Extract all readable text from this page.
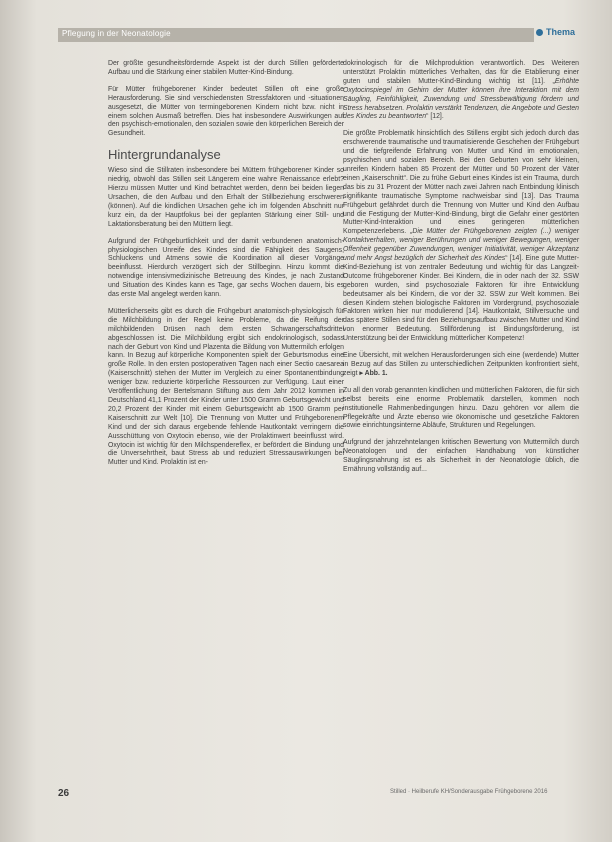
Pflegung in der Neonatologie	Thema

Der größte gesundheitsfördernde Aspekt ist der durch Stillen geförderte Aufbau und die Stärkung einer stabilen Mutter-Kind-Bindung.

Für Mütter frühgeborener Kinder bedeutet Stillen oft eine große Herausforderung. Sie sind verschiedensten Stressfaktoren und -situationen ausgesetzt, die Mütter von termingeborenen Kindern nicht bzw. nicht in einem solchen Ausmaß betreffen. Dies hat insbesondere Auswirkungen auf den psychisch-emotionalen, den sozialen sowie den körperlichen Bereich der Gesundheit.

Hintergrundanalyse

Wieso sind die Stillraten insbesondere bei Müttern frühgeborener Kinder so niedrig, obwohl das Stillen seit Längerem eine wahre Renaissance erlebt? Hierzu müssen Mutter und Kind betrachtet werden, denn bei beiden liegen Ursachen, die den Aufbau und den Erhalt der Stillbeziehung erschweren (können). Auf die kindlichen Ursachen gehe ich im folgenden Abschnitt nur kurz ein, da der Hauptfokus bei der geplanten Stärkung einer Still- und Laktationsberatung bei den Müttern liegt.

Aufgrund der Frühgeburtlichkeit und der damit verbundenen anatomisch-physiologischen Unreife des Kindes sind die Fähigkeit des Saugens, Schluckens und Atmens sowie die Koordination all dieser Vorgänge beeinflusst. Hierdurch verzögert sich der Stillbeginn. Hinzu kommt die notwendige intensivmedizinische Betreuung des Kindes, je nach Zustand und Situation des Kindes kann es Tage, gar sechs Wochen dauern, bis es das erste Mal angelegt werden kann.

Mütterlicherseits gibt es durch die Frühgeburt anatomisch-physiologisch für die Milchbildung in der Regel keine Probleme, da die Reifung der milchbildenden Drüsen nach dem ersten Schwangerschaftsdrittel abgeschlossen ist. Die Milchbildung ergibt sich endokrinologisch, sodass nach der Geburt von Kind und Plazenta die Bildung von Muttermilch erfolgen kann. In Bezug auf körperliche Komponenten spielt der Geburtsmodus eine große Rolle. In den ersten postoperativen Tagen nach einer Sectio caesarea (Kaiserschnitt) stehen der Mutter im Vergleich zu einer Spontanentbindung weniger bzw. reduzierte körperliche Ressourcen zur Verfügung. Laut einer Veröffentlichung der Bertelsmann Stiftung aus dem Jahr 2012 kommen in Deutschland 41,1 Prozent der Kinder unter 1500 Gramm Geburtsgewicht und 20,2 Prozent der Kinder mit einem Geburtsgewicht ab 1500 Gramm per Kaiserschnitt zur Welt [10]. Die Trennung von Mutter und Frühgeborenem Kind und der sich daraus ergebende fehlende Hautkontakt verringern die Ausschüttung von Oxytocin ebenso, wie der Prolaktinwert beeinflusst wird. Oxytocin ist wichtig für den Milchspendereflex, er befördert die Bindung und die Unversehrtheit, baut Stress ab und reduziert Stressauswirkungen bei Mutter und Kind. Prolaktin ist en-

dokrinologisch für die Milchproduktion verantwortlich. Des Weiteren unterstützt Prolaktin mütterliches Verhalten, das für die Etablierung einer guten und stabilen Mutter-Kind-Bindung wichtig ist [11]. „Erhöhte Oxytocinspiegel im Gehirn der Mutter können ihre Interaktion mit dem Säugling, Feinfühligkeit, Zuwendung und Stressbewältigung fördern und Stress herabsetzen. Prolaktin verstärkt Tendenzen, die Angebote und Gesten des Kindes zu beantworten“ [12].

Die größte Problematik hinsichtlich des Stillens ergibt sich jedoch durch das erschwerende traumatische und traumatisierende Geschehen der Frühgeburt und die tiefgreifende Erfahrung von Mutter und Kind im emotionalen, psychischen und sozialen Bereich. Bei den Geburten von sehr kleinen, unreifen Kindern haben 85 Prozent der Mütter und 50 Prozent der Väter einen „Kaiserschnitt“. Die zu frühe Geburt eines Kindes ist ein Trauma, durch das bis zu 31 Prozent der Mütter nach zwei Jahren nach Entbindung klinisch signifikante traumatische Symptome nachweisbar sind [13]. Das Trauma Frühgeburt gefährdet durch die Trennung von Mutter und Kind den Aufbau und die Festigung der Mutter-Kind-Bindung, birgt die Gefahr einer gestörten Mutter-Kind-Interaktion und eines geringeren mütterlichen Kompetenzerlebens. „Die Mütter der Frühgeborenen zeigten (...) weniger Kontaktverhalten, weniger Berührungen und weniger Bewegungen, weniger Offenheit gegenüber Zuwendungen, weniger Initiativität, weniger Akzeptanz und mehr Angst bezüglich der Sicherheit des Kindes“ [14]. Eine gute Mutter-Kind-Beziehung ist von zentraler Bedeutung und wichtig für das Langzeit-Outcome frühgeborener Kinder. Bei Kindern, die in oder nach der 32. SSW geboren wurden, sind psychosoziale Faktoren für ihre Entwicklung bedeutsamer als bei Kindern, die vor der 32. SSW zur Welt kommen. Bei diesen Kindern stehen biologische Faktoren im Vordergrund, psychosoziale Faktoren wirken hier nur modulierend [14]. Hautkontakt, Stillversuche und das spätere Stillen sind für den Beziehungsaufbau zwischen Mutter und Kind von enormer Bedeutung. Stillförderung ist Bindungsförderung, ist Unterstützung bei der Entwicklung mütterlicher Kompetenz!

Eine Übersicht, mit welchen Herausforderungen sich eine (werdende) Mutter in Bezug auf das Stillen zu unterschiedlichen Zeitpunkten konfrontiert sieht, zeigt ▸ Abb. 1.

Zu all den vorab genannten kindlichen und mütterlichen Faktoren, die für sich selbst bereits eine enorme Problematik darstellen, kommen noch institutionelle Rahmenbedingungen hinzu. Dazu gehören vor allem die Pflegekräfte und Ärzte ebenso wie ökonomische und gesetzliche Faktoren sowie einrichtungsinterne Abläufe, Strukturen und Regelungen.

Aufgrund der jahrzehntelangen kritischen Bewertung von Muttermilch durch Neonatologen und der einfachen Handhabung von künstlicher Säuglingsnahrung ist es als Sicherheit in der Neonatologie üblich, die Ernährung vollständig auf...

26	Stilled · Heilberufe KH/Sonderausgabe Frühgeborene 2016
